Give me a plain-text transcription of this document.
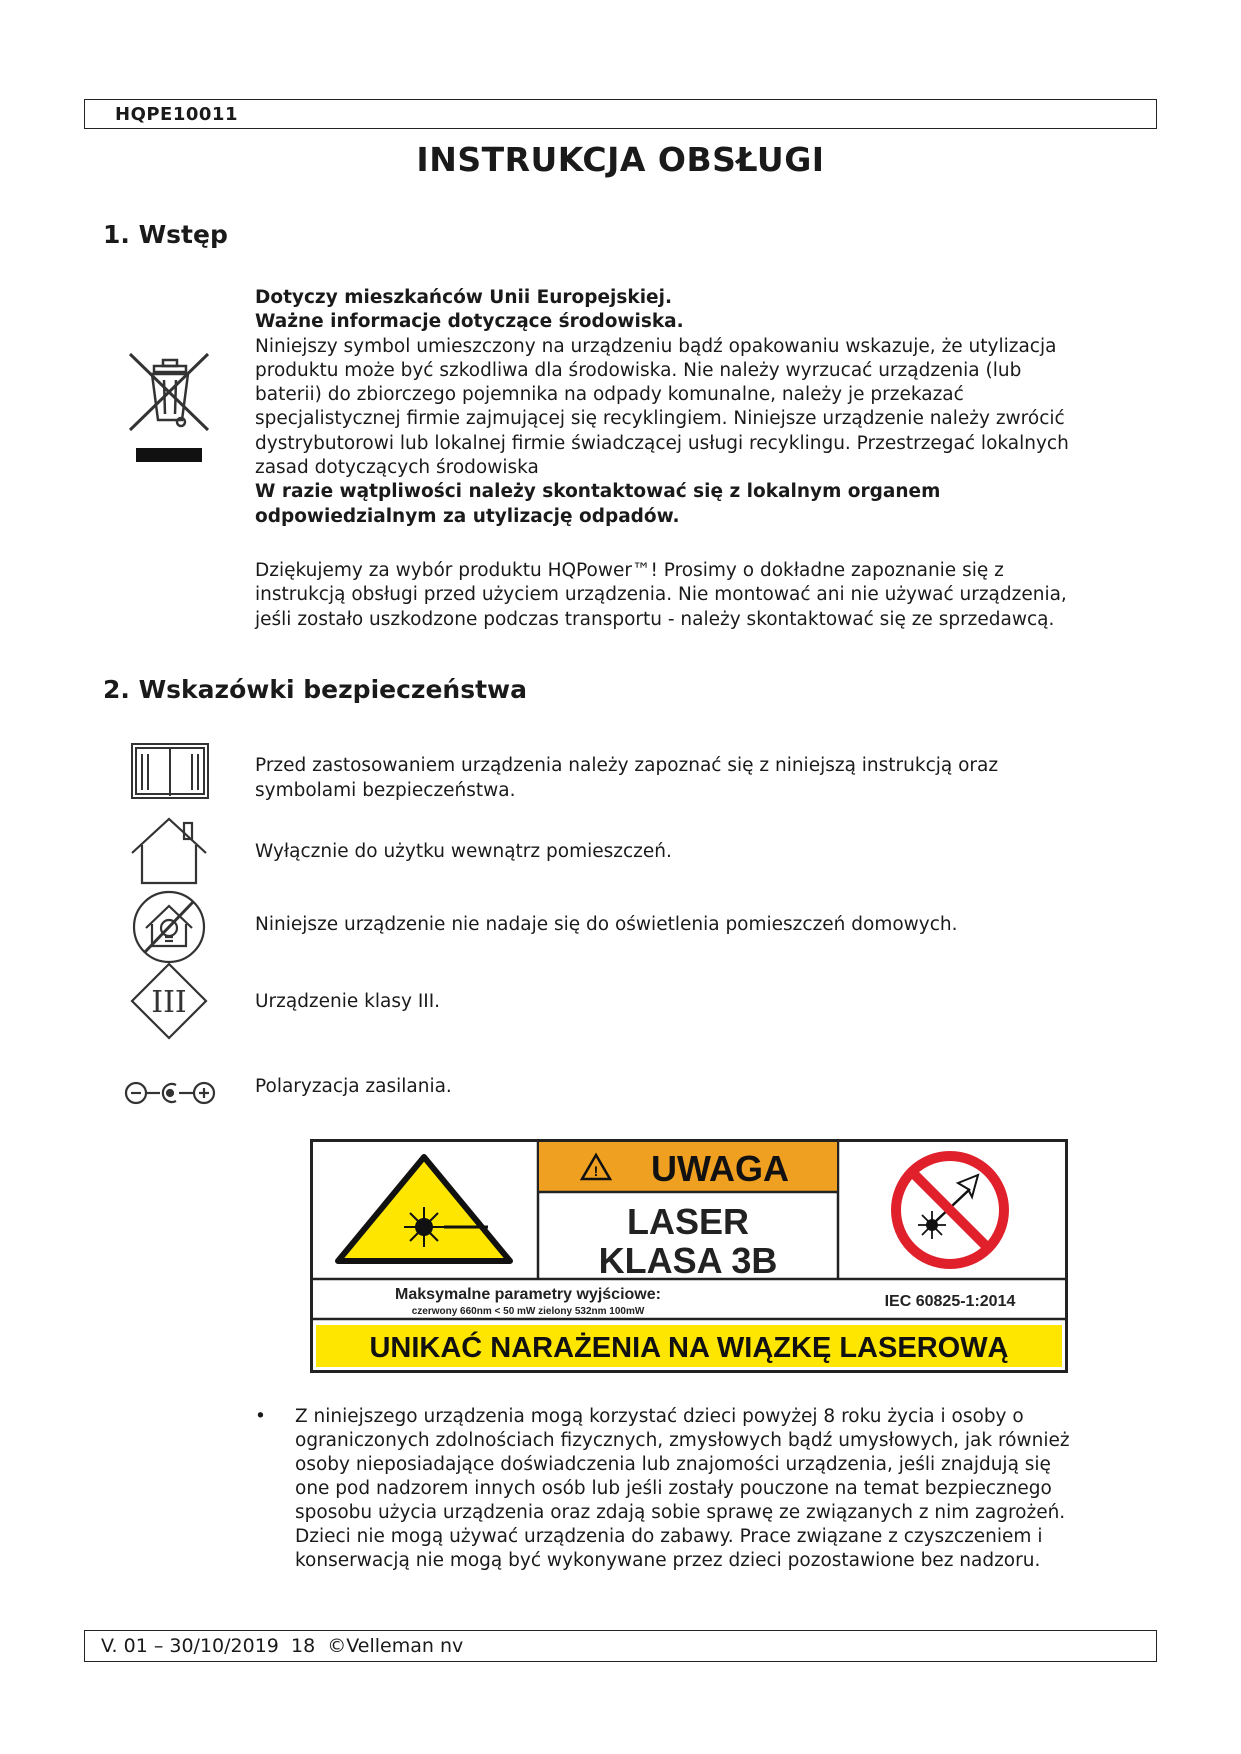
HQPE10011
INSTRUKCJA OBSŁUGI
1. Wstęp

Dotyczy mieszkańców Unii Europejskiej.

Ważne informacje dotyczące środowiska.

Niniejszy symbol umieszczony na urządzeniu bądź opakowaniu wskazuje, że utylizacja

produktu może być szkodliwa dla środowiska. Nie należy wyrzucać urządzenia (lub

baterii) do zbiorczego pojemnika na odpady komunalne, należy je przekazać

specjalistycznej firmie zajmującej się recyklingiem. Niniejsze urządzenie należy zwrócić

dystrybutorowi lub lokalnej firmie świadczącej usługi recyklingu. Przestrzegać lokalnych

zasad dotyczących środowiska

W razie wątpliwości należy skontaktować się z lokalnym organem

odpowiedzialnym za utylizację odpadów.

Dziękujemy za wybór produktu HQPower™! Prosimy o dokładne zapoznanie się z

instrukcją obsługi przed użyciem urządzenia. Nie montować ani nie używać urządzenia,

jeśli zostało uszkodzone podczas transportu - należy skontaktować się ze sprzedawcą.

2. Wskazówki bezpieczeństwa
Przed zastosowaniem urządzenia należy zapoznać się z niniejszą instrukcją oraz
symbolami bezpieczeństwa.
Wyłącznie do użytku wewnątrz pomieszczeń.
Niniejsze urządzenie nie nadaje się do oświetlenia pomieszczeń domowych.
III	Urządzenie klasy III.
Polaryzacja zasilania.
! UWAGA
LASER
KLASA 3B
Maksymalne parametry wyjściowe:
czerwony 660nm < 50 mW zielony 532nm 100mW
IEC 60825-1:2014
UNIKAĆ NARAŻENIA NA WIĄZKĘ LASEROWĄ
• Z niniejszego urządzenia mogą korzystać dzieci powyżej 8 roku życia i osoby o
ograniczonych zdolnościach fizycznych, zmysłowych bądź umysłowych, jak również
osoby nieposiadające doświadczenia lub znajomości urządzenia, jeśli znajdują się
one pod nadzorem innych osób lub jeśli zostały pouczone na temat bezpiecznego
sposobu użycia urządzenia oraz zdają sobie sprawę ze związanych z nim zagrożeń.
Dzieci nie mogą używać urządzenia do zabawy. Prace związane z czyszczeniem i
konserwacją nie mogą być wykonywane przez dzieci pozostawione bez nadzoru.
V. 01 – 30/10/2019 18 ©Velleman nv
